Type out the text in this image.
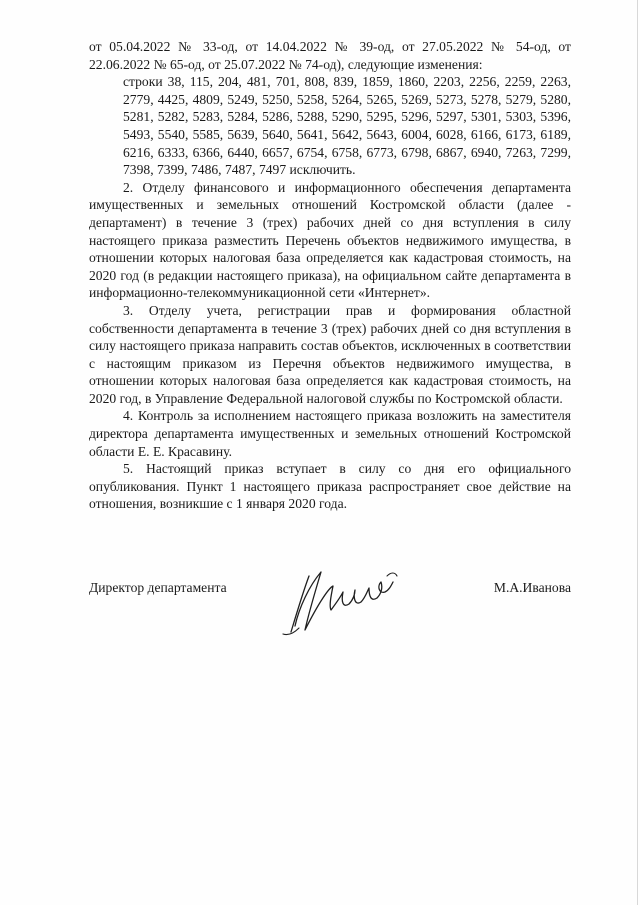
от 05.04.2022 № 33-од, от 14.04.2022 № 39-од, от 27.05.2022 № 54-од, от 22.06.2022 № 65-од, от 25.07.2022 № 74-од), следующие изменения:

строки 38, 115, 204, 481, 701, 808, 839, 1859, 1860, 2203, 2256, 2259, 2263, 2779, 4425, 4809, 5249, 5250, 5258, 5264, 5265, 5269, 5273, 5278, 5279, 5280, 5281, 5282, 5283, 5284, 5286, 5288, 5290, 5295, 5296, 5297, 5301, 5303, 5396, 5493, 5540, 5585, 5639, 5640, 5641, 5642, 5643, 6004, 6028, 6166, 6173, 6189, 6216, 6333, 6366, 6440, 6657, 6754, 6758, 6773, 6798, 6867, 6940, 7263, 7299, 7398, 7399, 7486, 7487, 7497 исключить.

2. Отделу финансового и информационного обеспечения департамента имущественных и земельных отношений Костромской области (далее - департамент) в течение 3 (трех) рабочих дней со дня вступления в силу настоящего приказа разместить Перечень объектов недвижимого имущества, в отношении которых налоговая база определяется как кадастровая стоимость, на 2020 год (в редакции настоящего приказа), на официальном сайте департамента в информационно-телекоммуникационной сети «Интернет».

3. Отделу учета, регистрации прав и формирования областной собственности департамента в течение 3 (трех) рабочих дней со дня вступления в силу настоящего приказа направить состав объектов, исключенных в соответствии с настоящим приказом из Перечня объектов недвижимого имущества, в отношении которых налоговая база определяется как кадастровая стоимость, на 2020 год, в Управление Федеральной налоговой службы по Костромской области.

4. Контроль за исполнением настоящего приказа возложить на заместителя директора департамента имущественных и земельных отношений Костромской области Е. Е. Красавину.

5. Настоящий приказ вступает в силу со дня его официального опубликования. Пункт 1 настоящего приказа распространяет свое действие на отношения, возникшие с 1 января 2020 года.

Директор департамента	М.А.Иванова
